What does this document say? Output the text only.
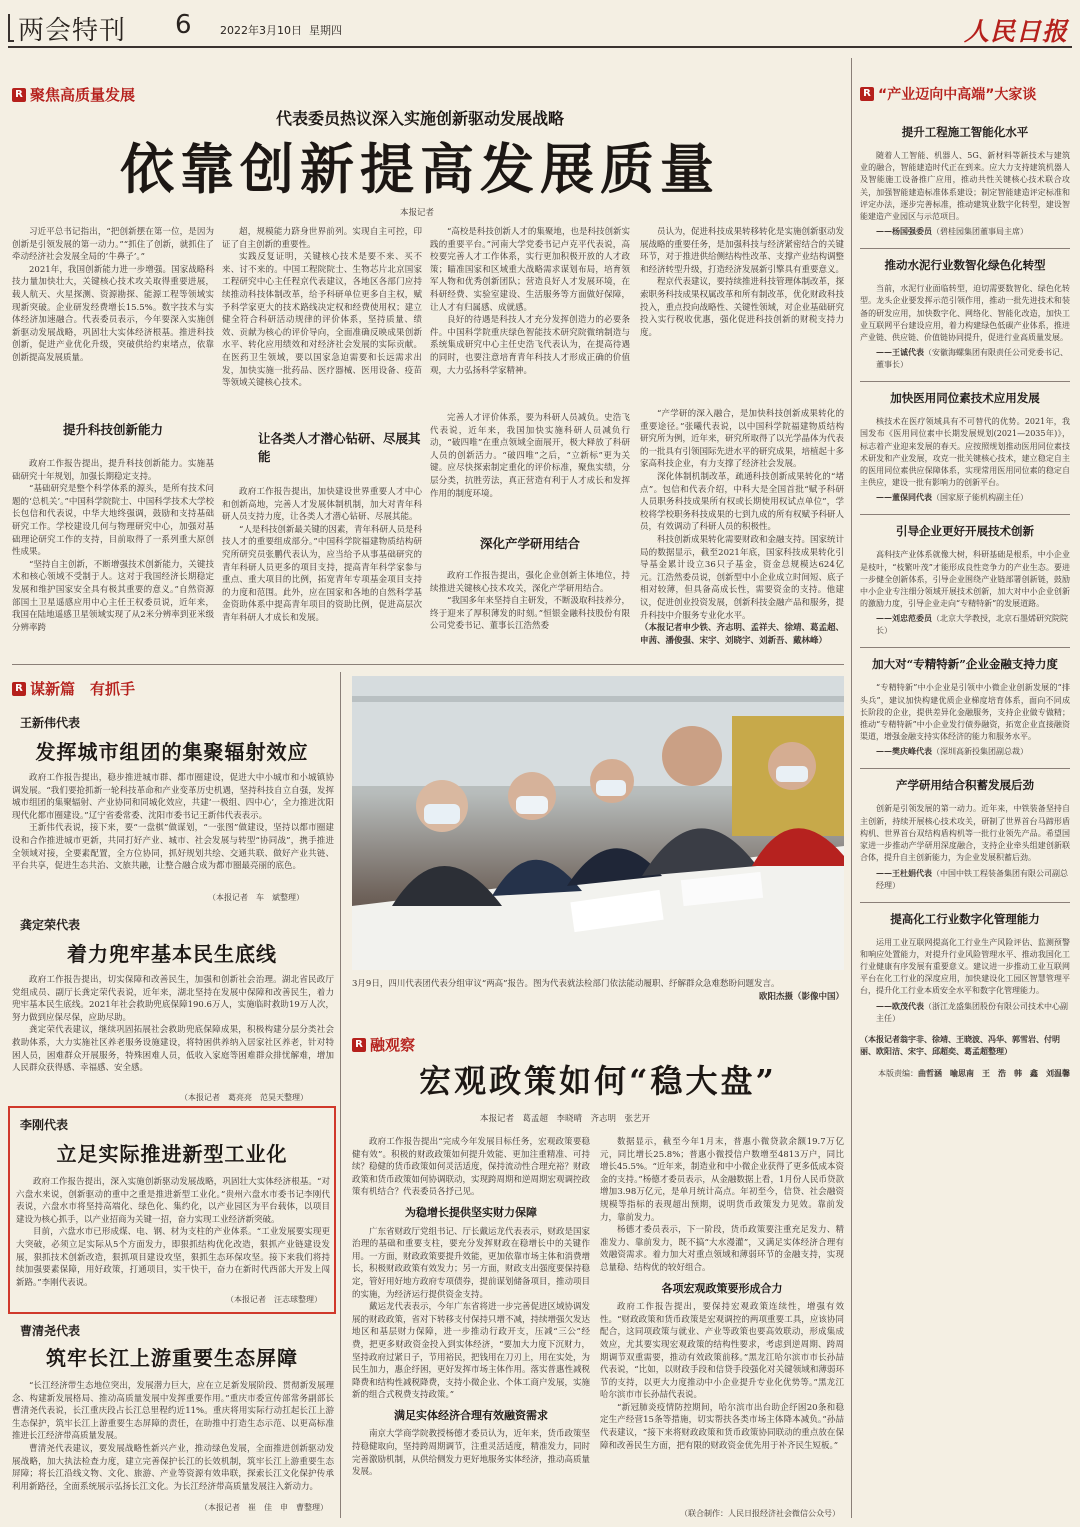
两会特刊 6	2022年3月10日  星期四	人民日报
R 聚焦高质量发展
代表委员热议深入实施创新驱动发展战略
依靠创新提高发展质量
本报记者

习近平总书记指出，“把创新摆在第一位，是因为创新是引领发展的第一动力。”“抓住了创新，就抓住了牵动经济社会发展全局的‘牛鼻子’。”

2021年，我国创新能力进一步增强。国家战略科技力量加快壮大，关键核心技术攻关取得重要进展，载人航天、火星探测、资源勘探、能源工程等领域实现新突破。企业研发经费增长15.5%。数字技术与实体经济加速融合。代表委员表示，今年要深入实施创新驱动发展战略，巩固壮大实体经济根基。推进科技创新，促进产业优化升级，突破供给约束堵点，依靠创新提高发展质量。

超，规模能力跻身世界前列。实现自主可控，印证了自主创新的重要性。

实践反复证明，关键核心技术是要不来、买不来、讨不来的。中国工程院院士、生物芯片北京国家工程研究中心主任程京代表建议，各地区各部门应持续推动科技体制改革，给予科研单位更多自主权，赋予科学家更大的技术路线决定权和经费使用权；建立健全符合科研活动规律的评价体系，坚持质量、绩效、贡献为核心的评价导向，全面准确反映成果创新水平、转化应用绩效和对经济社会发展的实际贡献。在医药卫生领域，要以国家急迫需要和长远需求出发，加快实施一批药品、医疗器械、医用设备、疫苗等领域关键核心技术。

“高校是科技创新人才的集聚地，也是科技创新实践的重要平台。”河南大学党委书记卢克平代表说，高校要完善人才工作体系，实行更加积极开放的人才政策；瞄准国家和区域重大战略需求谋划布局，培育领军人物和优秀创新团队；营造良好人才发展环境，在科研经费、实验室建设、生活服务等方面做好保障，让人才有归属感、成就感。

良好的待遇是科技人才充分发挥创造力的必要条件。中国科学院重庆绿色智能技术研究院微纳制造与系统集成研究中心主任史浩飞代表认为，在提高待遇的同时，也要注意培育青年科技人才形成正确的价值观，大力弘扬科学家精神。

员认为，促进科技成果转移转化是实施创新驱动发展战略的重要任务，是加强科技与经济紧密结合的关键环节，对于推进供给侧结构性改革、支撑产业结构调整和经济转型升级，打造经济发展新引擎具有重要意义。

程京代表建议，要持续推进科技管理体制改革，探索职务科技成果权属改革和所有制改革，优化财政科技投入，重点投向战略性、关键性领域，对企业基础研究投入实行税收优惠，强化促进科技创新的财税支持力度。

提升科技创新能力

政府工作报告提出，提升科技创新能力。实施基础研究十年规划，加强长期稳定支持。

“基础研究是整个科学体系的源头，是所有技术问题的‘总机关’。”中国科学院院士、中国科学技术大学校长包信和代表说，中华大地终强调，鼓励和支持基础研究工作。学校建设几何与物理研究中心，加强对基础理论研究工作的支持，目前取得了一系列重大原创性成果。

“坚持自主创新，不断增强技术创新能力，关键技术和核心领域不受制于人。这对于我国经济长期稳定发展和维护国家安全具有极其重要的意义。”自然资源部国土卫星遥感应用中心主任王权委员说，近年来，我国在陆地遥感卫星领域实现了从2米分辨率到亚米级分辨率跨

让各类人才潜心钻研、尽展其能

政府工作报告提出，加快建设世界重要人才中心和创新高地，完善人才发展体制机制，加大对青年科研人员支持力度，让各类人才潜心钻研、尽展其能。

“人是科技创新最关键的因素，青年科研人员是科技人才的重要组成部分。”中国科学院福建物质结构研究所研究员张鹏代表认为，应当给予从事基础研究的青年科研人员更多的项目支持，提高青年科学家参与重点、重大项目的比例，拓宽青年专项基金项目支持的力度和范围。此外，应在国家和各地的自然科学基金资助体系中提高青年项目的资助比例，促进高层次青年科研人才成长和发展。

完善人才评价体系，要为科研人员减负。史浩飞代表说，近年来，我国加快实施科研人员减负行动，“破四唯”在重点领域全面展开，极大释放了科研人员的创新活力。“破四唯”之后，“立新标”更为关键。应尽快探索制定重化的评价标准，聚焦实绩，分层分类，抗胜劳法，真正营造有利于人才成长和发挥作用的制度环境。

深化产学研用结合

政府工作报告提出，强化企业创新主体地位，持续推进关键核心技术攻关，深化产学研用结合。

“我国多年来坚持自主研发，不断汲取科技养分，终于迎来了厚积薄发的时刻。”恒银金融科技股份有限公司党委书记、董事长江浩然委

“产学研的深入融合，是加快科技创新成果转化的重要途径。”张曦代表说，以中国科学院福建物质结构研究所为例，近年来，研究所取得了以光学晶体为代表的一批具有引领国际先进水平的研究成果，培植起十多家高科技企业，有力支撑了经济社会发展。

深化体制机制改革，疏通科技创新成果转化的“堵点”。包信和代表介绍，中科大是全国首批“赋予科研人员职务科技成果所有权或长期使用权试点单位”，学校将学校职务科技成果的七到九成的所有权赋予科研人员，有效调动了科研人员的积极性。

科技创新成果转化需要财政和金融支持。国家统计局的数据显示，截至2021年底，国家科技成果转化引导基金累计设立36只子基金，资金总规模达624亿元。江浩然委员说，创新型中小企业成立时间短、底子相对较薄，但具备高成长性，需要资金的支持。他建议，促进创业投资发展，创新科技金融产品和服务，提升科技中介服务专业化水平。

（本报记者申少铁、齐志明、孟祥夫、徐靖、葛孟超、申茜、潘俊强、宋宇、刘晓宇、刘新吾、戴林峰）

R 谋新篇　有抓手
王新伟代表
发挥城市组团的集聚辐射效应

政府工作报告提出，稳步推进城市群、都市圈建设，促进大中小城市和小城镇协调发展。“我们要抢抓新一轮科技革命和产业变革历史机遇，坚持科技自立自强，发挥城市组团的集聚辐射、产业协同和同城化效应，共建‘一极组、四中心’，全力推进沈阳现代化都市圈建设。”辽宁省委常委、沈阳市委书记王新伟代表表示。

王新伟代表说，接下来，要“一盘棋”做谋划，“一张图”做建设，坚持以都市圈建设和合作推进城市更新，共同打好产业、城市、社会发展与转型“协同战”，携手推进全领域对接，全要素配置，全方位协同，抓好规划共绘、交通共联、做好产业共链、平台共享，促进生态共治、文旅共融，让整合融合成为都市圈最亮丽的底色。

（本报记者　车　斌整理）
龚定荣代表
着力兜牢基本民生底线

政府工作报告提出，切实保障和改善民生，加强和创新社会治理。湖北省民政厅党组成员、副厅长龚定荣代表说，近年来，湖北坚持在发展中保障和改善民生，着力兜牢基本民生底线。2021年社会救助兜底保障190.6万人，实施临时救助19万人次，努力做到应保尽保，应助尽助。

龚定荣代表建议，继续巩固拓展社会救助兜底保障成果，积极构建分层分类社会救助体系，大力实施社区养老服务设施建设，将特困供养纳入居家社区养老，针对特困人员，困难群众开展服务，特殊困难人员，低收入家庭等困难群众排忧解难，增加人民群众获得感、幸福感、安全感。

（本报记者　葛亮亮　范昊天整理）
李刚代表
立足实际推进新型工业化

政府工作报告提出，深入实施创新驱动发展战略，巩固壮大实体经济根基。“对六盘水来说，创新驱动的重中之重是推进新型工业化。”贵州六盘水市委书记李刚代表说，六盘水市将坚持高端化、绿色化、集约化，以产业园区为平台载体，以项目建设为核心抓手，以产业招商为关键一招，奋力实现工业经济新突破。

目前，六盘水市已形成煤、电、钢、材为支柱的产业体系。“工业发展要实现更大突破，必须立足实际从5个方面发力，即狠抓结构优化改造，狠抓产业链建设发展，狠抓技术创新改造，狠抓项目建设攻坚，狠抓生态环保攻坚。接下来我们将持续加强要素保障，用好政策，打通项目，实干快干，奋力在新时代西部大开发上闯新路。”李刚代表说。

（本报记者　汪志球整理）
曹清尧代表
筑牢长江上游重要生态屏障

“长江经济带生态地位突出，发展潜力巨大，应在立足新发展阶段、贯彻新发展理念、构建新发展格局、推动高质量发展中发挥重要作用。”重庆市委宣传部常务副部长曹清尧代表说，长江重庆段占长江总里程约近11%。重庆将用实际行动扛起长江上游生态保护，筑牢长江上游重要生态屏障的责任，在助推中打造生态示范、以更高标准推进长江经济带高质量发展。

曹清尧代表建议，要发展战略性新兴产业，推动绿色发展，全面推进创新驱动发展战略，加大执法检查力度，建立完善保护长江的长效机制，筑牢长江上游重要生态屏障；将长江沿线文物、文化、旅游、产业等资源有效串联，探索长江文化保护传承利用新路径，全面系统展示弘扬长江文化。为长江经济带高质量发展注入新动力。

（本报记者　崔　佳　申　曹整理）
3月9日，四川代表团代表分组审议“两高”报告。图为代表就法检部门依法能动履职、纾解群众急难愁盼问题发言。
欧阳杰摄（影像中国）
R 融观察
宏观政策如何“稳大盘”
本报记者　葛孟超　李晓晴　齐志明　张艺开

政府工作报告提出“完成今年发展目标任务，宏观政策要稳健有效”。积极的财政政策如何提升效能、更加注重精准、可持续？稳健的货币政策如何灵活适度，保持流动性合理充裕？财政政策和货币政策如何协调联动，实现跨周期和逆周期宏观调控政策有机结合？代表委员各抒己见。

为稳增长提供坚实财力保障

广东省财政厅党组书记、厅长戴运龙代表表示，财政是国家治理的基础和重要支柱，要充分发挥财政在稳增长中的关键作用。一方面，财政政策要提升效能，更加依靠市场主体和消费增长，积极财政政策有效发力；另一方面，财政支出强度要保持稳定，管好用好地方政府专项债券，提前谋划储备项目，推动项目的实施，为经济运行提供资金支持。

戴运龙代表表示，今年广东省将进一步完善促进区域协调发展的财政政策，省对下转移支付保持只增不减，持续增强欠发达地区和基层财力保障，进一步推动行政开支，压减“三公”经费，把更多财政资金投入到实体经济，“要加大力度下沉财力，坚持政府过紧日子，节用裕民，把钱用在刀刃上，用在实处，为民生加力，惠企纾困，更好发挥市场主体作用。落实普惠性减税降费和结构性减税降费，支持小微企业、个体工商户发展，实施新的组合式税费支持政策。”

满足实体经济合理有效融资需求

南京大学商学院教授杨德才委员认为，近年来，货币政策坚持稳健取向，坚持跨周期调节，注重灵活适度，精准发力，同时完善激励机制，从供给侧发力更好地服务实体经济，推动高质量发展。

数据显示，截至今年1月末，普惠小微贷款余额19.7万亿元，同比增长25.8%；普惠小微授信户数增至4813万户，同比增长45.5%。“近年来，制造业和中小微企业获得了更多低成本资金的支持。”杨德才委员表示，从金融数据上看，1月份人民币贷款增加3.98万亿元，是单月统计高点。年初至今，信贷、社会融资规模等指标的表现超出预期，说明货币政策发力见效。靠前发力，靠前发力。

杨德才委员表示，下一阶段，货币政策要注重充足发力、精准发力、靠前发力，既不搞“大水漫灌”，又满足实体经济合理有效融资需求。着力加大对重点领域和薄弱环节的金融支持，实现总量稳、结构优的较好组合。

各项宏观政策要形成合力

政府工作报告提出，要保持宏观政策连续性，增强有效性。“财政政策和货币政策是宏观调控的两项重要工具，应该协同配合，这同项政策与就业、产业等政策也要高效联动，形成集成效应，尤其要实现宏观政策的结构性要求，考虑到逆周期、跨周期调节双重需要，推动有效政策前移。”黑龙江哈尔滨市市长孙喆代表说，“比如，以财政手段和信贷手段强化对关键领域和薄弱环节的支持，以更大力度推动中小企业提升专业化优势等。”黑龙江哈尔滨市市长孙喆代表说。

“新冠肺炎疫情防控期间，哈尔滨市出台助企纾困20条和稳定生产经营15条等措施，切实帮扶各类市场主体降本减负。”孙喆代表建议，“接下来将财政政策和货币政策协同联动的重点放在保障和改善民生方面，把有限的财政资金优先用于补齐民生短板。”

（联合制作：人民日报经济社会微信公众号）
R “产业迈向中高端”大家谈
提升工程施工智能化水平
随着人工智能、机器人、5G、新材料等新技术与建筑业的融合，智能建造时代正在到来。应大力支持建筑机器人及智能施工设备推广应用，推动共性关键核心技术联合攻关，加强智能建造标准体系建设；制定智能建造评定标准和评定办法，逐步完善标准，推动建筑业数字化转型，建设智能建造产业园区与示范项目。
——杨国强委员（碧桂园集团董事局主席）
推动水泥行业数智化绿色化转型
当前，水泥行业面临转型，迫切需要数智化、绿色化转型。龙头企业要发挥示范引领作用，推动一批先进技术和装备的研发应用，加快数字化、网络化、智能化改造，加快工业互联网平台建设应用，着力构建绿色低碳产业体系，推进产业链、供应链、价值链协同提升，促进行业高质量发展。
——王诚代表（安徽海螺集团有限责任公司党委书记、董事长）
加快医用同位素技术应用发展
核技术在医疗领域具有不可替代的优势。2021年，我国发布《医用同位素中长期发展规划(2021—2035年)》，标志着产业迎来发展的春天。应按照规划推动医用同位素技术研发和产业发展，攻克一批关键核心技术，建立稳定自主的医用同位素供应保障体系，实现常用医用同位素的稳定自主供应，建设一批有影响力的创新平台。
——董保同代表（国家原子能机构副主任）
引导企业更好开展技术创新
高科技产业体系就像大树，科研基础是根系，中小企业是枝叶，“枝繁叶茂”才能形成良性竞争力的产业生态。要进一步健全创新体系，引导企业围绕产业链部署创新链，鼓励中小企业专注细分领域开展技术创新，加大对中小企业创新的激励力度，引导企业走向“专精特新”的发展道路。
——刘忠范委员（北京大学教授，北京石墨烯研究院院长）
加大对“专精特新”企业金融支持力度
“专精特新”中小企业是引领中小微企业创新发展的“排头兵”，建议加快构建优质企业梯度培育体系，面向不同成长阶段的企业，提供差异化金融服务，支持企业做专做精；推动“专精特新”中小企业发行债券融资，拓宽企业直接融资渠道，增强金融支持实体经济的能力和服务水平。
——樊庆峰代表（深圳高新投集团副总裁）
产学研用结合积蓄发展后劲
创新是引领发展的第一动力。近年来，中铁装备坚持自主创新，持续开展核心技术攻关，研制了世界首台马蹄形盾构机、世界首台双结构盾构机等一批行业领先产品。希望国家进一步推动产学研用深度融合，支持企业牵头组建创新联合体，提升自主创新能力，为企业发展积蓄后劲。
——王杜娟代表（中国中铁工程装备集团有限公司副总经理）
提高化工行业数字化管理能力
运用工业互联网提高化工行业生产风险评估、监测预警和响应处置能力，对提升行业风险管理水平、推动我国化工行业健康有序发展有重要意义。建议进一步推动工业互联网平台在化工行业的深度应用，加快建设化工园区智慧管理平台，提升化工行业本质安全水平和数字化管理能力。
——欧茂代表（浙江龙盛集团股份有限公司技术中心副主任）
（本报记者翁宇非、徐靖、王晓波、冯华、郭雪岩、付明丽、欧阳洁、宋宇、邱超奕、葛孟超整理）
本版责编：曲哲涵　喻思南　王　浩　韩　鑫　刘温馨
